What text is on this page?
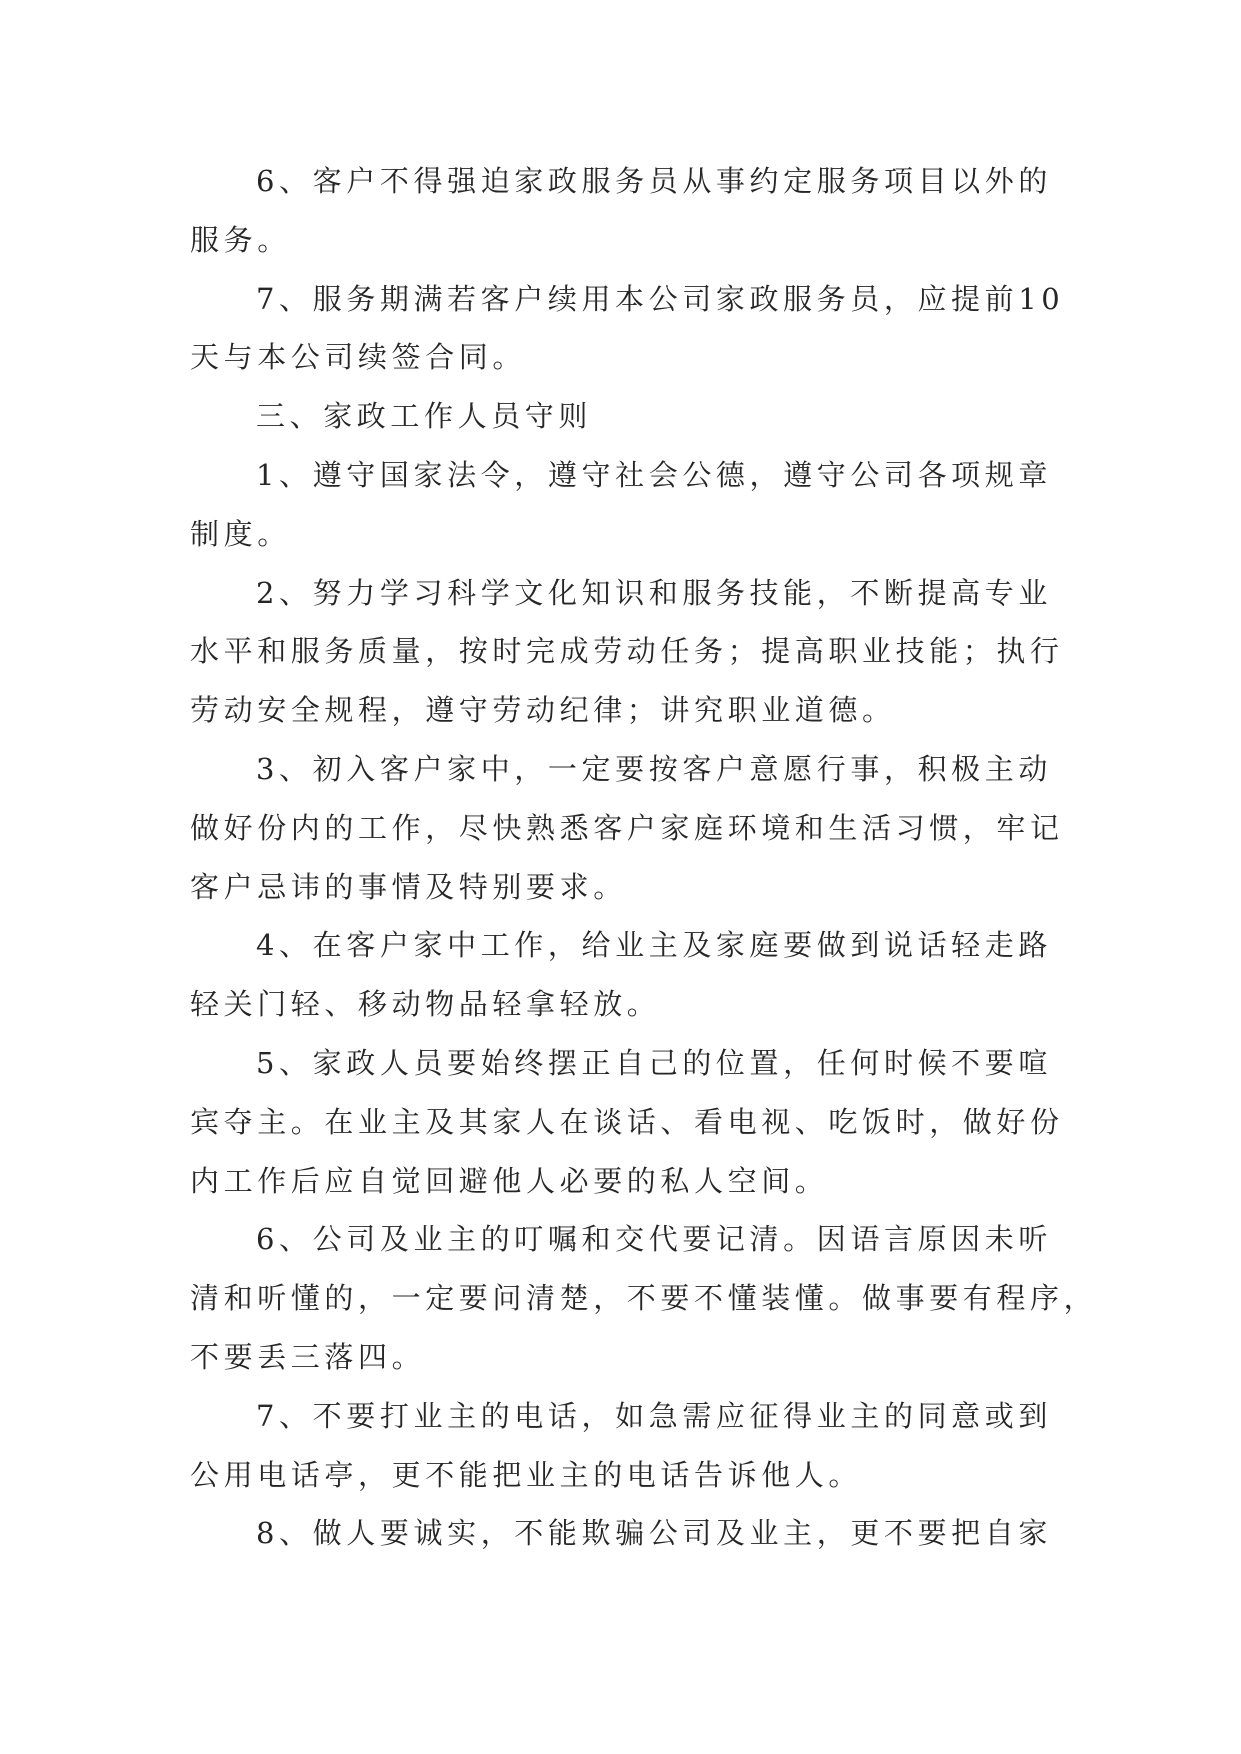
6、客户不得强迫家政服务员从事约定服务项目以外的
服务。
7、服务期满若客户续用本公司家政服务员，应提前10
天与本公司续签合同。
三、家政工作人员守则
1、遵守国家法令，遵守社会公德，遵守公司各项规章
制度。
2、努力学习科学文化知识和服务技能，不断提高专业
水平和服务质量，按时完成劳动任务；提高职业技能；执行
劳动安全规程，遵守劳动纪律；讲究职业道德。
3、初入客户家中，一定要按客户意愿行事，积极主动
做好份内的工作，尽快熟悉客户家庭环境和生活习惯，牢记
客户忌讳的事情及特别要求。
4、在客户家中工作，给业主及家庭要做到说话轻走路
轻关门轻、移动物品轻拿轻放。
5、家政人员要始终摆正自己的位置，任何时候不要喧
宾夺主。在业主及其家人在谈话、看电视、吃饭时，做好份
内工作后应自觉回避他人必要的私人空间。
6、公司及业主的叮嘱和交代要记清。因语言原因未听
清和听懂的，一定要问清楚，不要不懂装懂。做事要有程序，
不要丢三落四。
7、不要打业主的电话，如急需应征得业主的同意或到
公用电话亭，更不能把业主的电话告诉他人。
8、做人要诚实，不能欺骗公司及业主，更不要把自家
